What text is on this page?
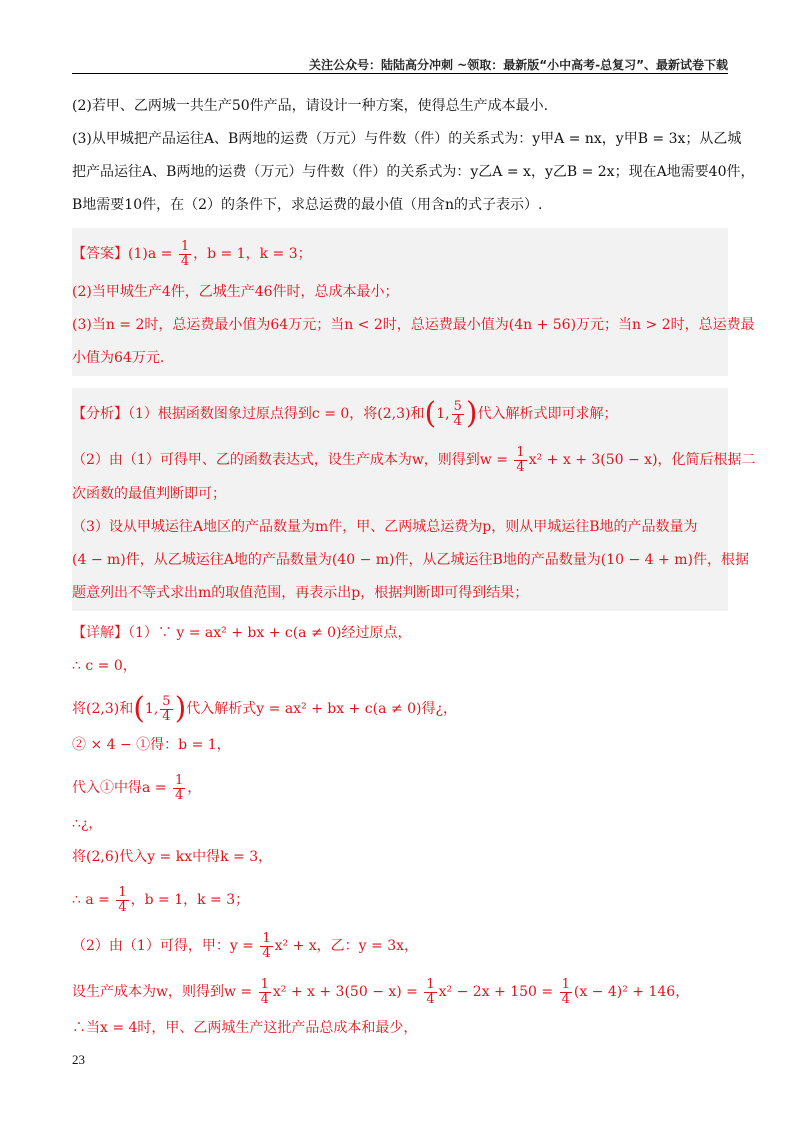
关注公众号：陆陆高分冲刺 ~领取：最新版“小中高考-总复习”、最新试卷下载
(2)若甲、乙两城一共生产50件产品，请设计一种方案，使得总生产成本最小.
(3)从甲城把产品运往A、B两地的运费（万元）与件数（件）的关系式为：y甲A = nx，y甲B = 3x；从乙城
把产品运往A、B两地的运费（万元）与件数（件）的关系式为：y乙A = x，y乙B = 2x；现在A地需要40件，
B地需要10件，在（2）的条件下，求总运费的最小值（用含n的式子表示）.
【答案】$(1)a = \frac{1}{4}$ ，b = 1，k = 3；
(2)当甲城生产4件，乙城生产46件时，总成本最小；
(3)当n = 2时，总运费最小值为64万元；当n < 2时，总运费最小值为(4n + 56)万元；当n > 2时，总运费最
小值为64万元.
【分析】（1）根据函数图象过原点得到c = 0，将(2,3)和(1, $\frac{5}{4}$ )代入解析式即可求解；
（2）由（1）可得甲、乙的函数表达式，设生产成本为w，则得到$w = \frac{1}{4} x^2 + x + 3(50 - x)$，化简后根据二
次函数的最值判断即可；
（3）设从甲城运往A地区的产品数量为m件，甲、乙两城总运费为p，则从甲城运往B地的产品数量为
(4 − m)件，从乙城运往A地的产品数量为(40 − m)件，从乙城运往B地的产品数量为(10 − 4 + m)件，根据
题意列出不等式求出m的取值范围，再表示出p，根据判断即可得到结果；
【详解】（1）∵ y = ax² + bx + c(a ≠ 0)经过原点，
∴ c = 0，
将(2,3)和(1, $\frac{5}{4}$ )代入解析式y = ax² + bx + c(a ≠ 0)得¿，
② × 4 − ①得：b = 1，
代入①中得$a = \frac{1}{4}$ ，
∴¿，
将(2,6)代入y = kx中得k = 3，
∴ $a = \frac{1}{4}$ ，b = 1，k = 3；
（2）由（1）可得，甲：$y = \frac{1}{4} x^2 + x$，乙：y = 3x，
设生产成本为w，则得到$w = \frac{1}{4} x^2 + x + 3(50 - x) = \frac{1}{4} x^2 - 2x + 150 = \frac{1}{4} (x - 4)^2 + 146$，
∴当x = 4时，甲、乙两城生产这批产品总成本和最少，
23
